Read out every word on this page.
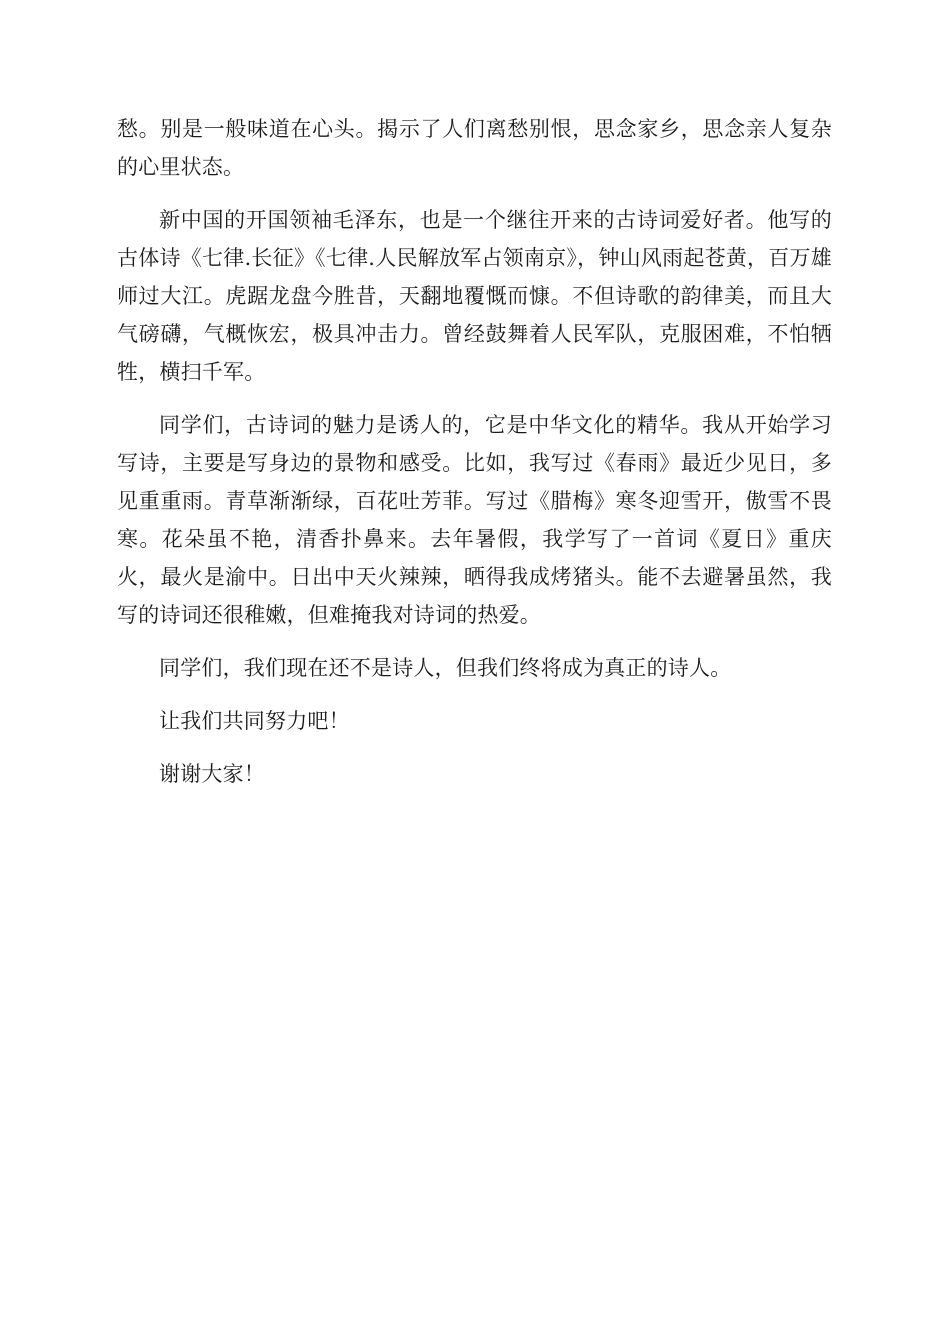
愁。别是一般味道在心头。揭示了人们离愁别恨，思念家乡，思念亲人复杂的心里状态。

新中国的开国领袖毛泽东，也是一个继往开来的古诗词爱好者。他写的古体诗《七律.长征》《七律.人民解放军占领南京》，钟山风雨起苍黄，百万雄师过大江。虎踞龙盘今胜昔，天翻地覆慨而慷。不但诗歌的韵律美，而且大气磅礴，气概恢宏，极具冲击力。曾经鼓舞着人民军队，克服困难，不怕牺牲，横扫千军。

同学们，古诗词的魅力是诱人的，它是中华文化的精华。我从开始学习写诗，主要是写身边的景物和感受。比如，我写过《春雨》最近少见日，多见重重雨。青草渐渐绿，百花吐芳菲。写过《腊梅》寒冬迎雪开，傲雪不畏寒。花朵虽不艳，清香扑鼻来。去年暑假，我学写了一首词《夏日》重庆火，最火是渝中。日出中天火辣辣，晒得我成烤猪头。能不去避暑虽然，我写的诗词还很稚嫩，但难掩我对诗词的热爱。

同学们，我们现在还不是诗人，但我们终将成为真正的诗人。

让我们共同努力吧！

谢谢大家！
